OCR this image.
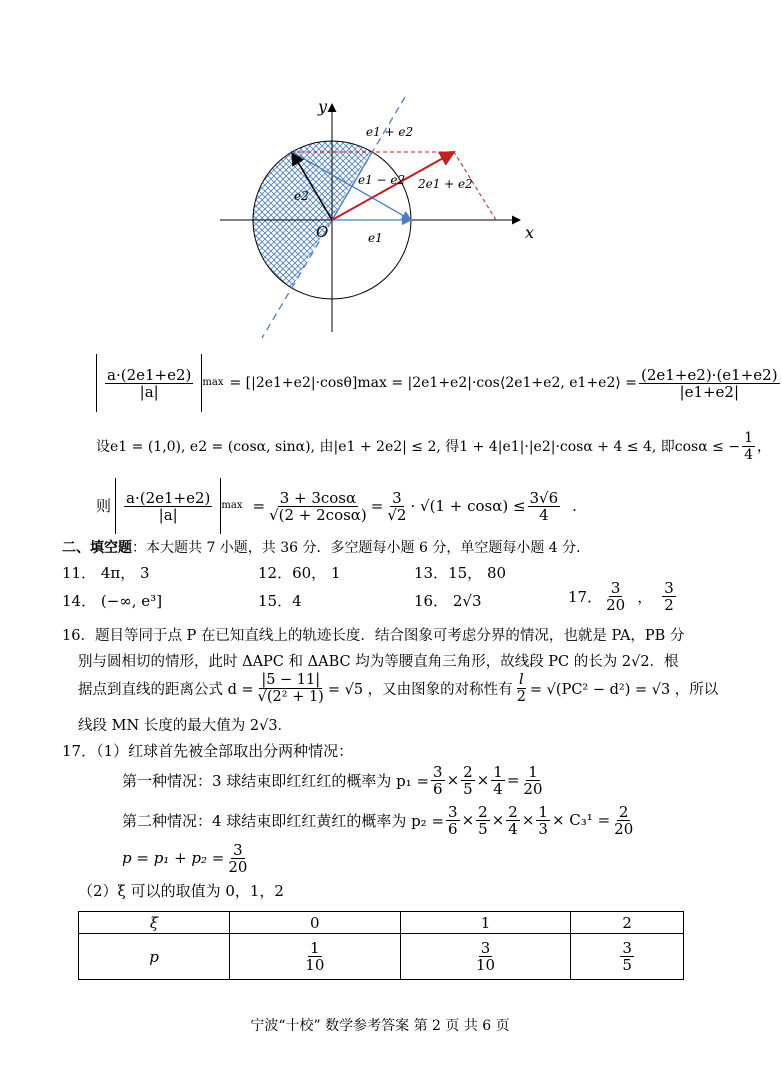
y
x
O	e1
e2
e1 + e2
e1 − e2 2e1 + e2
$\frac{a\cdot(2e1+e2)}{|a|}$ max = [|2e1+e2|·cosθ]max = |2e1+e2|·cos⟨2e1+e2, e1+e2⟩ = $\frac{(2e1+e2)\cdot(e1+e2)}{|e1+e2|}$
设e1 = (1,0), e2 = (cosα, sinα), 由|e1 + 2e2| ≤ 2, 得1 + 4|e1|·|e2|·cosα + 4 ≤ 4, 即cosα ≤ − $\frac{1}{4}$ ，
则 $\frac{a\cdot(2e1+e2)}{|a|}$ $\max = \frac{3 + 3\cos\alpha}{√(2 + 2\cos\alpha)} = \frac{3}{√2} \cdot √(1 + \cos\alpha) \le \frac{3√6}{4}$ .
二、填空题：本大题共 7 小题，共 36 分．多空题每小题 6 分，单空题每小题 4 分．
11． 4π， 3	12．60， 1	13．15， 80
14． (−∞, e³]	15．4	16． 2√3	17． $\frac{3}{20}$ ， $\frac{3}{2}$
16．题目等同于点 P 在已知直线上的轨迹长度．结合图象可考虑分界的情况，也就是 PA，PB 分
别与圆相切的情形，此时 ΔAPC 和 ΔABC 均为等腰直角三角形，故线段 PC 的长为 2√2．根
据点到直线的距离公式 $d = \frac{|5 - 11|}{\text{√(2² + 1)}} = √5$ ，又由图象的对称性有 $\frac{l}{2} = √(PC^2 - d^2) = √3$ ，所以
线段 MN 长度的最大值为 2√3．
17．（1）红球首先被全部取出分两种情况：
第一种情况：3 球结束即红红红的概率为 $p_1 = \frac{3}{6} \times \frac{2}{5} \times \frac{1}{4} = \frac{1}{20}$
第二种情况：4 球结束即红红黄红的概率为 $p_2 = \frac{3}{6} \times \frac{2}{5} \times \frac{2}{4} \times \frac{1}{3} \times C_3^1 = \frac{2}{20}$
$p = p_1 + p_2 = \frac{3}{20}$
（2）ξ 可以的取值为 0，1，2
ξ	0	1	2
p	$\frac{1}{10}$	$\frac{3}{10}$	$\frac{3}{5}$
宁波“十校” 数学参考答案 第 2 页 共 6 页
